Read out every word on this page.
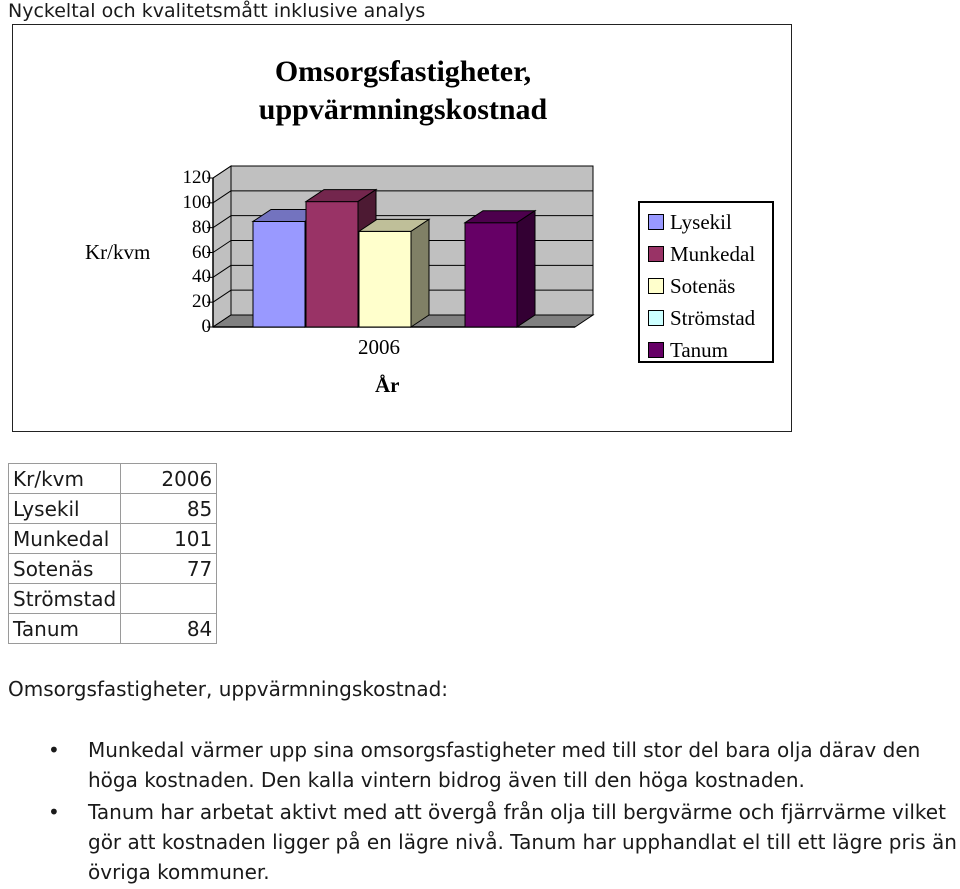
Nyckeltal och kvalitetsmått inklusive analys
Omsorgsfastigheter,
uppvärmningskostnad
Kr/kvm
120
100
80
60
40
20
0
2006
År
Lysekil
Munkedal
Sotenäs
Strömstad
Tanum
Kr/kvm	2006
Lysekil	85
Munkedal	101
Sotenäs	77
Strömstad	
Tanum	84
Omsorgsfastigheter, uppvärmningskostnad:
• Munkedal värmer upp sina omsorgsfastigheter med till stor del bara olja därav den höga kostnaden. Den kalla vintern bidrog även till den höga kostnaden.
• Tanum har arbetat aktivt med att övergå från olja till bergvärme och fjärrvärme vilket gör att kostnaden ligger på en lägre nivå. Tanum har upphandlat el till ett lägre pris än övriga kommuner.
